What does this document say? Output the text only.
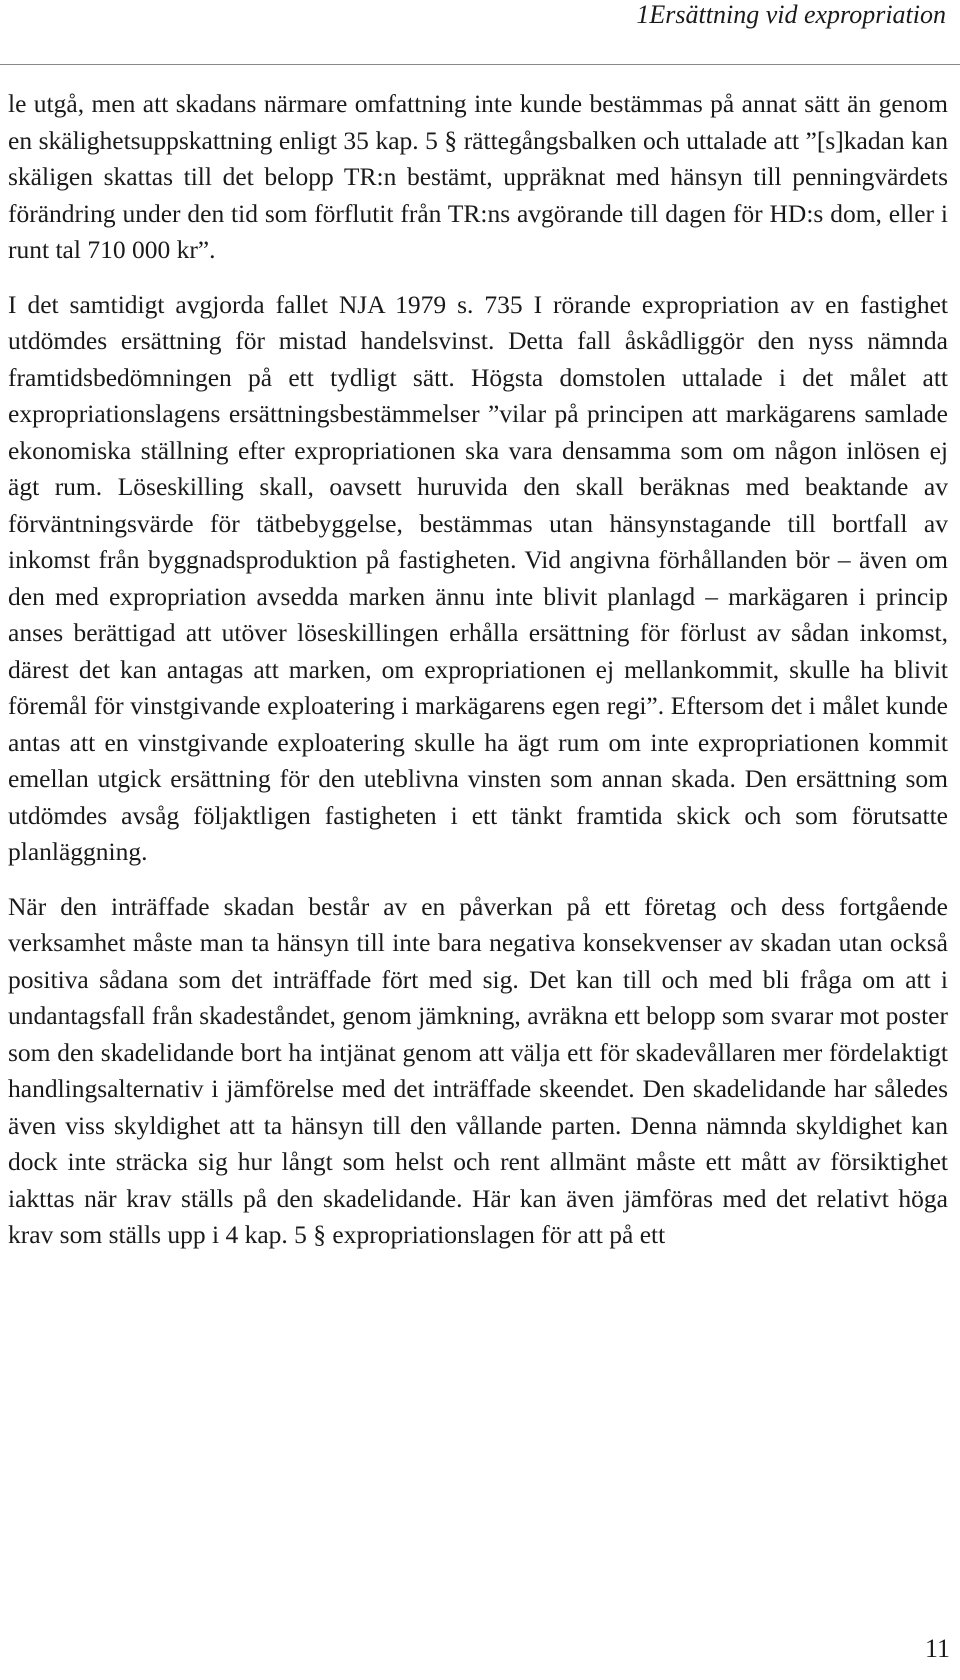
1Ersättning vid expropriation

le utgå, men att skadans närmare omfattning inte kunde bestämmas på annat sätt än genom en skälighetsuppskattning enligt 35 kap. 5 § rättegångsbalken och uttalade att ”[s]kadan kan skäligen skattas till det belopp TR:n bestämt, uppräknat med hänsyn till penningvärdets förändring under den tid som förflutit från TR:ns avgörande till dagen för HD:s dom, eller i runt tal 710 000 kr”.

I det samtidigt avgjorda fallet NJA 1979 s. 735 I rörande expropriation av en fastighet utdömdes ersättning för mistad handelsvinst. Detta fall åskådliggör den nyss nämnda framtidsbedömningen på ett tydligt sätt. Högsta domstolen uttalade i det målet att expropriationslagens ersättningsbestämmelser ”vilar på principen att markägarens samlade ekonomiska ställning efter expropriationen ska vara densamma som om någon inlösen ej ägt rum. Löseskilling skall, oavsett huruvida den skall beräknas med beaktande av förväntningsvärde för tätbebyggelse, bestämmas utan hänsynstagande till bortfall av inkomst från byggnadsproduktion på fastigheten. Vid angivna förhållanden bör – även om den med expropriation avsedda marken ännu inte blivit planlagd – markägaren i princip anses berättigad att utöver löseskillingen erhålla ersättning för förlust av sådan inkomst, därest det kan antagas att marken, om expropriationen ej mellankommit, skulle ha blivit föremål för vinstgivande exploatering i markägarens egen regi”. Eftersom det i målet kunde antas att en vinstgivande exploatering skulle ha ägt rum om inte expropriationen kommit emellan utgick ersättning för den uteblivna vinsten som annan skada. Den ersättning som utdömdes avsåg följaktligen fastigheten i ett tänkt framtida skick och som förutsatte planläggning.

När den inträffade skadan består av en påverkan på ett företag och dess fortgående verksamhet måste man ta hänsyn till inte bara negativa konsekvenser av skadan utan också positiva sådana som det inträffade fört med sig. Det kan till och med bli fråga om att i undantagsfall från skadeståndet, genom jämkning, avräkna ett belopp som svarar mot poster som den skadelidande bort ha intjänat genom att välja ett för skadevållaren mer fördelaktigt handlingsalternativ i jämförelse med det inträffade skeendet. Den skadelidande har således även viss skyldighet att ta hänsyn till den vållande parten. Denna nämnda skyldighet kan dock inte sträcka sig hur långt som helst och rent allmänt måste ett mått av försiktighet iakttas när krav ställs på den skadelidande. Här kan även jämföras med det relativt höga krav som ställs upp i 4 kap. 5 § expropriationslagen för att på ett

11
